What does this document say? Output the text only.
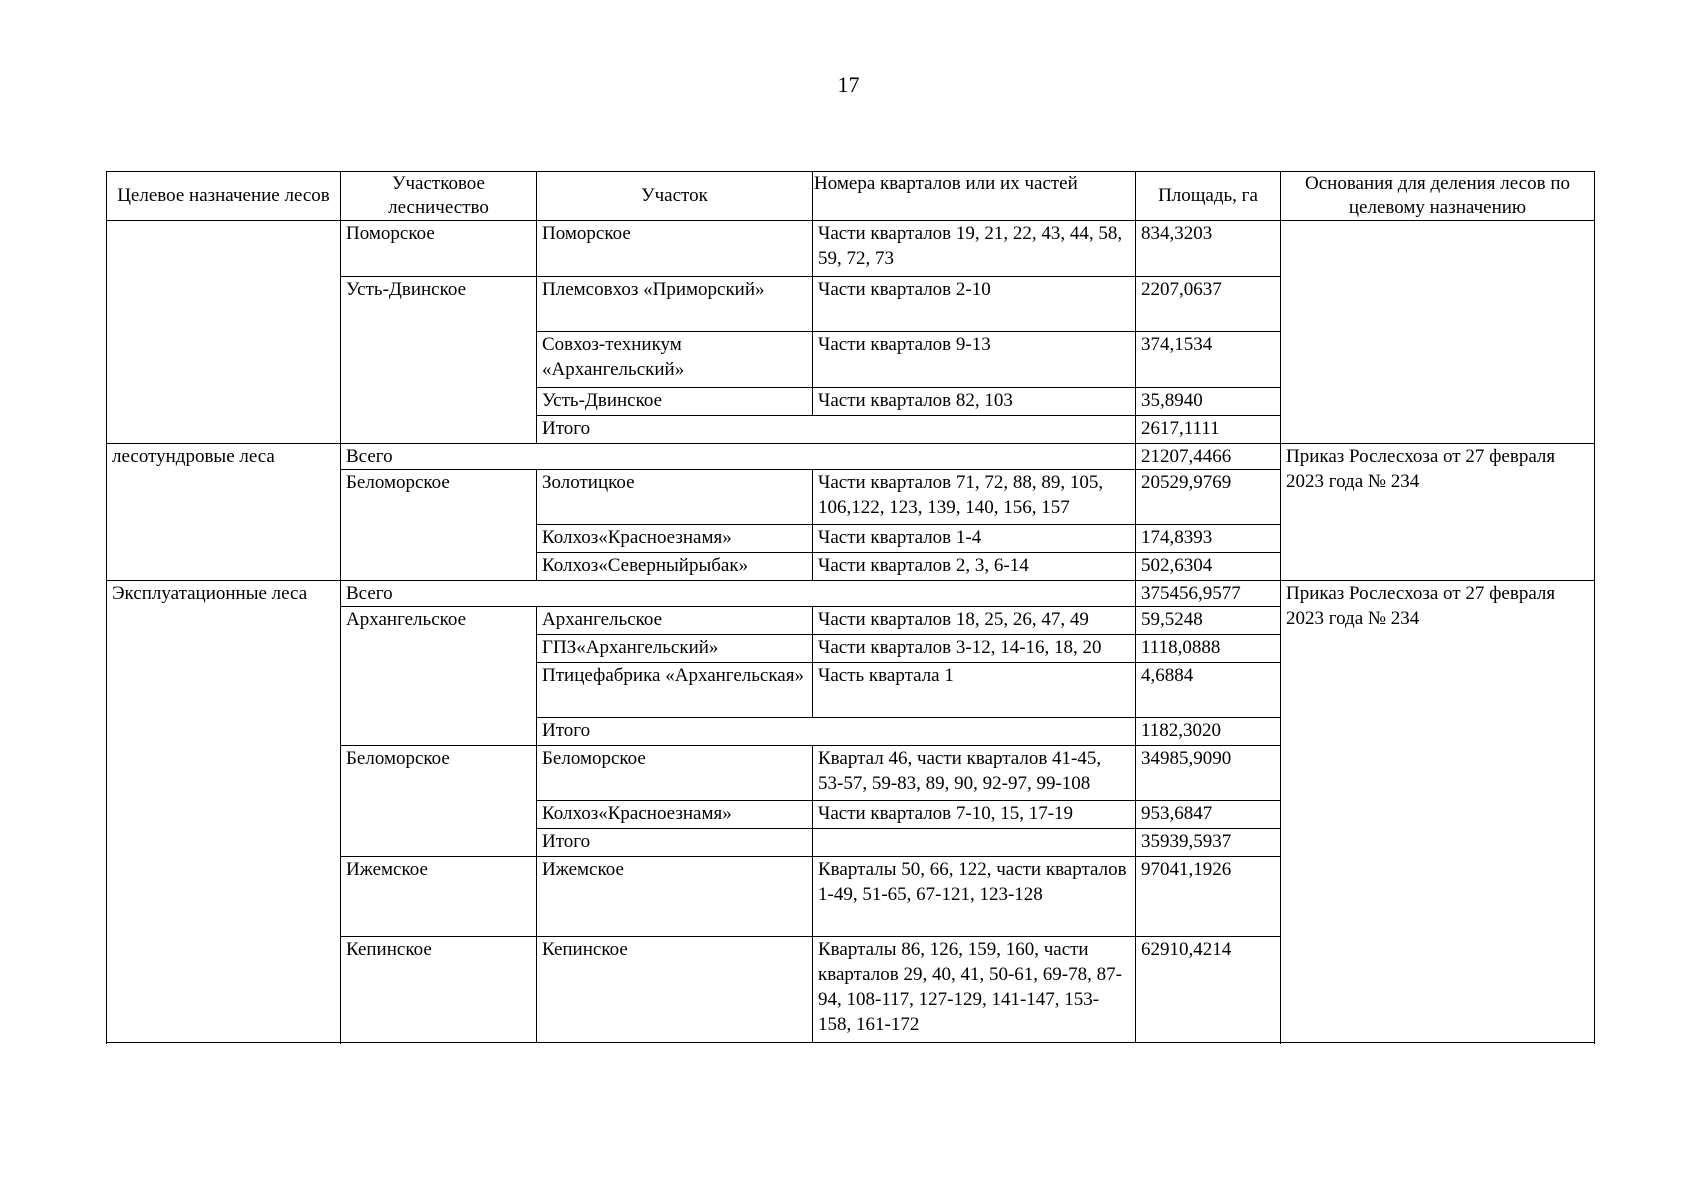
17
Целевое назначение лесов	Участковое лесничество	Участок	Номера кварталов или их частей	Площадь, га	Основания для деления лесов по целевому назначению
	Поморское	Поморское	Части кварталов 19, 21, 22, 43, 44, 58, 59, 72, 73	834,3203	
	Усть-Двинское	Племсовхоз «Приморский»	Части кварталов 2-10	2207,0637	
		Совхоз-техникум «Архангельский»	Части кварталов 9-13	374,1534	
		Усть-Двинское	Части кварталов 82, 103	35,8940	
		Итого		2617,1111	

лесотундровые леса	Всего			21207,4466	Приказ Рослесхоза от 27 февраля 2023 года № 234
	Беломорское	Золотицкое	Части кварталов 71, 72, 88, 89, 105, 106,122, 123, 139, 140, 156, 157	20529,9769	
		Колхоз«Красноезнамя»	Части кварталов 1-4	174,8393	
		Колхоз«Северныйрыбак»	Части кварталов 2, 3, 6-14	502,6304	
Эксплуатационные леса	Всего			375456,9577	Приказ Рослесхоза от 27 февраля 2023 года № 234
	Архангельское	Архангельское	Части кварталов 18, 25, 26, 47, 49	59,5248	
		ГПЗ«Архангельский»	Части кварталов 3-12, 14-16, 18, 20	1118,0888	
		Птицефабрика «Архангельская»	Часть квартала 1	4,6884	
		Итого		1182,3020	
	Беломорское	Беломорское	Квартал 46, части кварталов 41-45, 53-57, 59-83, 89, 90, 92-97, 99-108	34985,9090	
		Колхоз«Красноезнамя»	Части кварталов 7-10, 15, 17-19	953,6847	
		Итого		35939,5937	
	Ижемское	Ижемское	Кварталы 50, 66, 122, части кварталов 1-49, 51-65, 67-121, 123-128	97041,1926	
	Кепинское	Кепинское	Кварталы 86, 126, 159, 160, части кварталов 29, 40, 41, 50-61, 69-78, 87-94, 108-117, 127-129, 141-147, 153-158, 161-172	62910,4214	
